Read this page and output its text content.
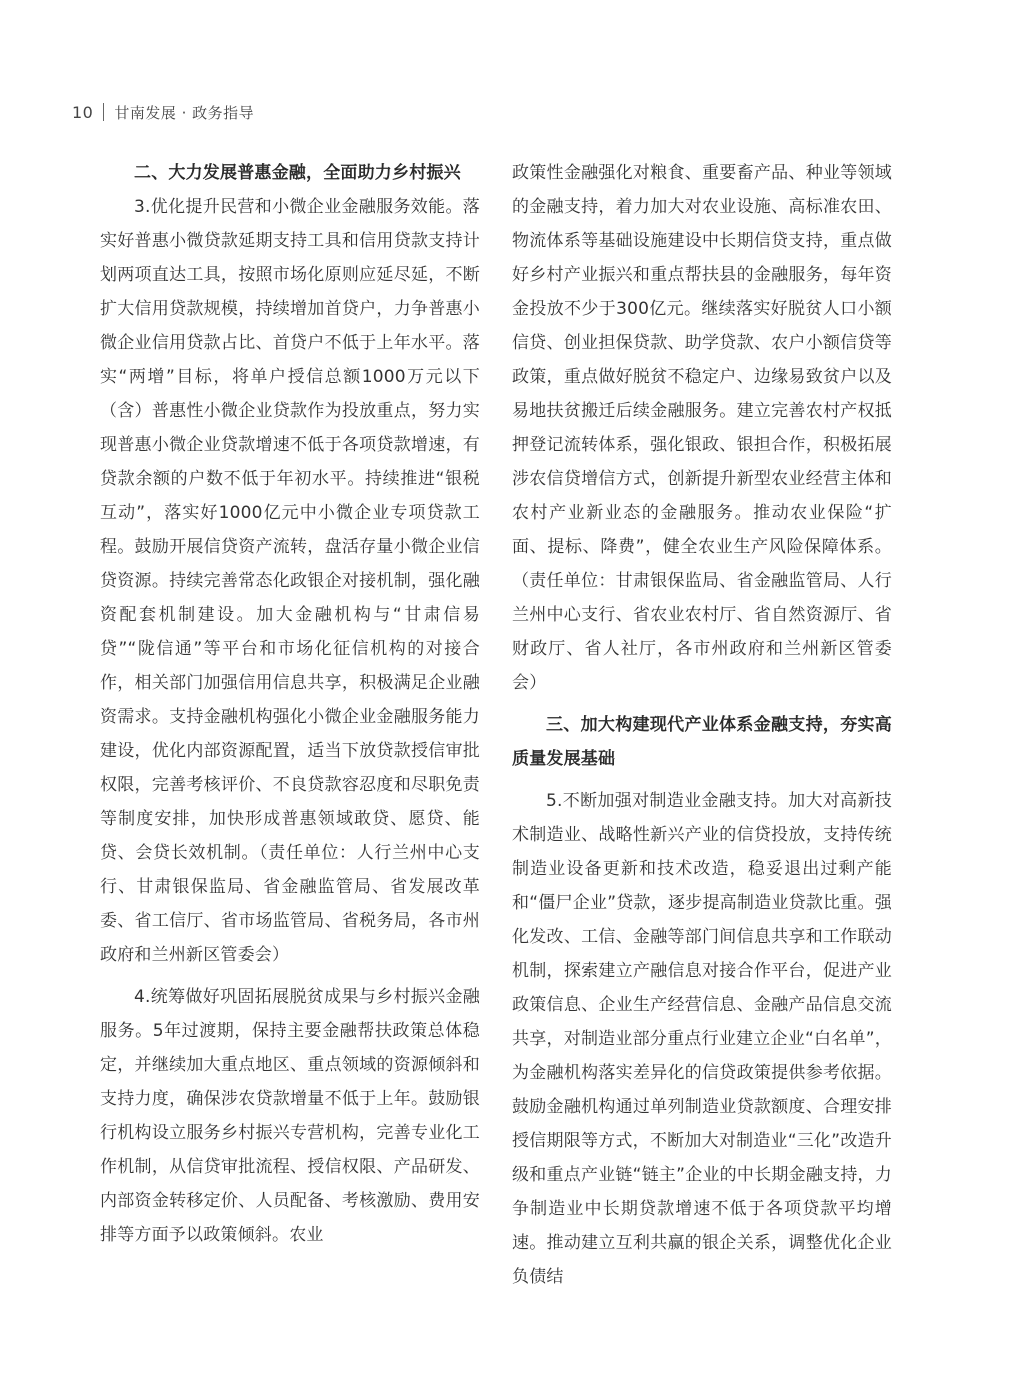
10 甘南发展 · 政务指导

二、大力发展普惠金融，全面助力乡村振兴

3.优化提升民营和小微企业金融服务效能。落实好普惠小微贷款延期支持工具和信用贷款支持计划两项直达工具，按照市场化原则应延尽延，不断扩大信用贷款规模，持续增加首贷户，力争普惠小微企业信用贷款占比、首贷户不低于上年水平。落实“两增”目标，将单户授信总额1000万元以下（含）普惠性小微企业贷款作为投放重点，努力实现普惠小微企业贷款增速不低于各项贷款增速，有贷款余额的户数不低于年初水平。持续推进“银税互动”，落实好1000亿元中小微企业专项贷款工程。鼓励开展信贷资产流转，盘活存量小微企业信贷资源。持续完善常态化政银企对接机制，强化融资配套机制建设。加大金融机构与“甘肃信易贷”“陇信通”等平台和市场化征信机构的对接合作，相关部门加强信用信息共享，积极满足企业融资需求。支持金融机构强化小微企业金融服务能力建设，优化内部资源配置，适当下放贷款授信审批权限，完善考核评价、不良贷款容忍度和尽职免责等制度安排，加快形成普惠领域敢贷、愿贷、能贷、会贷长效机制。（责任单位：人行兰州中心支行、甘肃银保监局、省金融监管局、省发展改革委、省工信厅、省市场监管局、省税务局，各市州政府和兰州新区管委会）

4.统筹做好巩固拓展脱贫成果与乡村振兴金融服务。5年过渡期，保持主要金融帮扶政策总体稳定，并继续加大重点地区、重点领域的资源倾斜和支持力度，确保涉农贷款增量不低于上年。鼓励银行机构设立服务乡村振兴专营机构，完善专业化工作机制，从信贷审批流程、授信权限、产品研发、内部资金转移定价、人员配备、考核激励、费用安排等方面予以政策倾斜。农业

政策性金融强化对粮食、重要畜产品、种业等领域的金融支持，着力加大对农业设施、高标准农田、物流体系等基础设施建设中长期信贷支持，重点做好乡村产业振兴和重点帮扶县的金融服务，每年资金投放不少于300亿元。继续落实好脱贫人口小额信贷、创业担保贷款、助学贷款、农户小额信贷等政策，重点做好脱贫不稳定户、边缘易致贫户以及易地扶贫搬迁后续金融服务。建立完善农村产权抵押登记流转体系，强化银政、银担合作，积极拓展涉农信贷增信方式，创新提升新型农业经营主体和农村产业新业态的金融服务。推动农业保险“扩面、提标、降费”，健全农业生产风险保障体系。（责任单位：甘肃银保监局、省金融监管局、人行兰州中心支行、省农业农村厅、省自然资源厅、省财政厅、省人社厅，各市州政府和兰州新区管委会）

三、加大构建现代产业体系金融支持，夯实高质量发展基础

5.不断加强对制造业金融支持。加大对高新技术制造业、战略性新兴产业的信贷投放，支持传统制造业设备更新和技术改造，稳妥退出过剩产能和“僵尸企业”贷款，逐步提高制造业贷款比重。强化发改、工信、金融等部门间信息共享和工作联动机制，探索建立产融信息对接合作平台，促进产业政策信息、企业生产经营信息、金融产品信息交流共享，对制造业部分重点行业建立企业“白名单”，为金融机构落实差异化的信贷政策提供参考依据。鼓励金融机构通过单列制造业贷款额度、合理安排授信期限等方式，不断加大对制造业“三化”改造升级和重点产业链“链主”企业的中长期金融支持，力争制造业中长期贷款增速不低于各项贷款平均增速。推动建立互利共赢的银企关系，调整优化企业负债结
